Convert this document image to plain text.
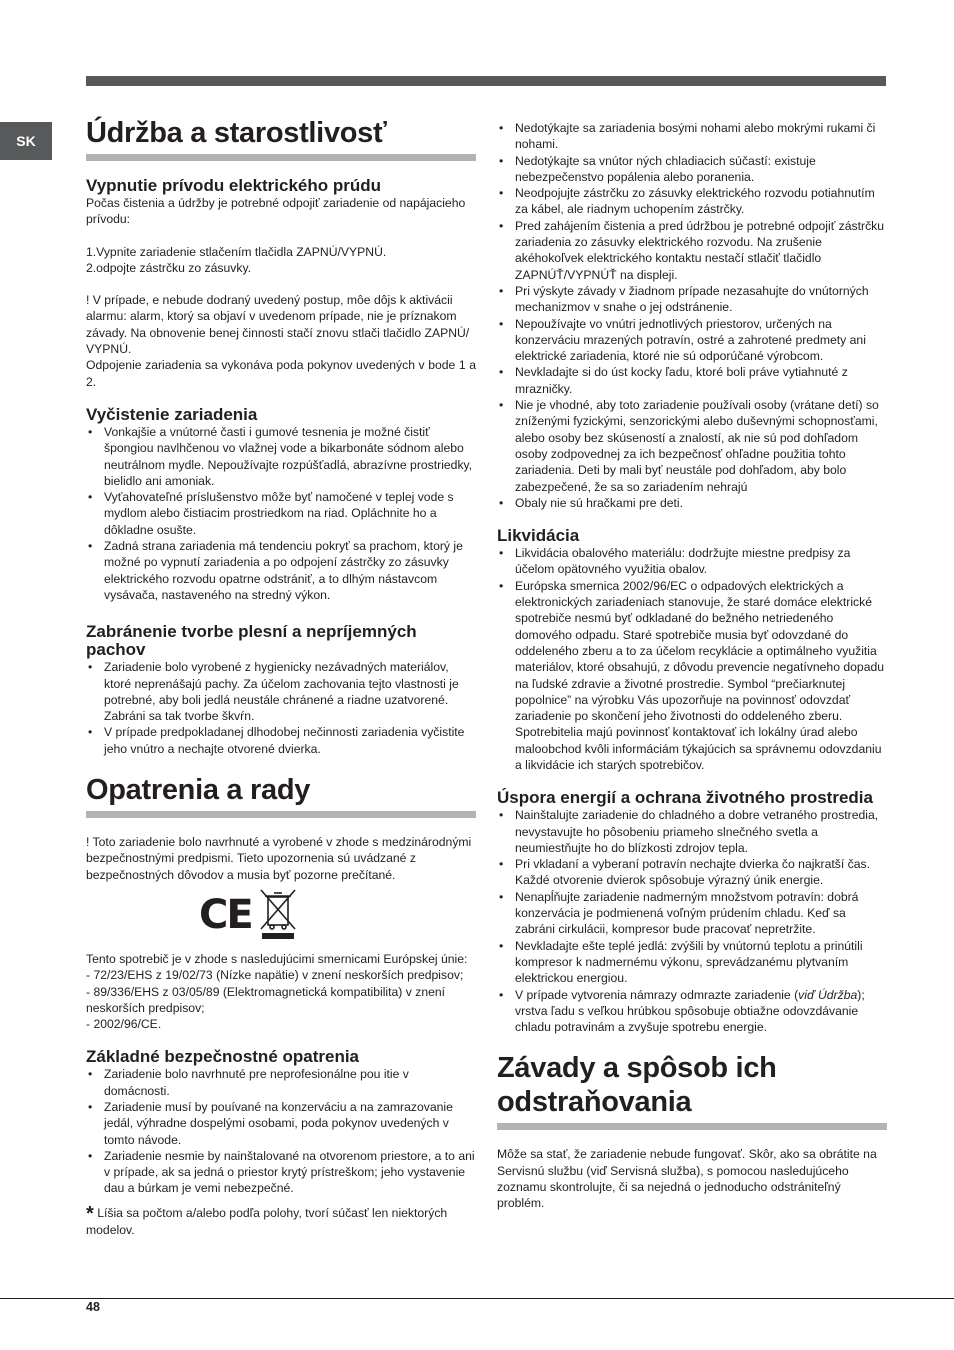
SK	Údržba a starostlivosť
Vypnutie prívodu elektrického prúdu

Počas čistenia a údržby je potrebné odpojiť zariadenie od napájacieho prívodu:

1.Vypnite zariadenie stlačením tlačidla ZAPNÚ/VYPNÚ.

2.odpojte zástrčku zo zásuvky.

! V prípade, e nebude dodraný uvedený postup, môe dôjs k aktivácii alarmu: alarm, ktorý sa objaví v uvedenom prípade, nie je príznakom závady. Na obnovenie benej činnosti stačí znovu stlači tlačidlo ZAPNÚ/ VYPNÚ.

Odpojenie zariadenia sa vykonáva poda pokynov uvedených v bode 1 a 2.

Vyčistenie zariadenia
• Vonkajšie a vnútorné časti i gumové tesnenia je možné čistiť špongiou navlhčenou vo vlažnej vode a bikarbonáte sódnom alebo neutrálnom mydle. Nepoužívajte rozpúšťadlá, abrazívne prostriedky, bielidlo ani amoniak.
• Vyťahovateľné príslušenstvo môže byť namočené v teplej vode s mydlom alebo čistiacim prostriedkom na riad. Opláchnite ho a dôkladne osušte.
• Zadná strana zariadenia má tendenciu pokryť sa prachom, ktorý je možné po vypnutí zariadenia a po odpojení zástrčky zo zásuvky elektrického rozvodu opatrne odstrániť, a to dlhým nástavcom vysávača, nastaveného na stredný výkon.
Zabránenie tvorbe plesní a nepríjemných pachov
• Zariadenie bolo vyrobené z hygienicky nezávadných materiálov, ktoré neprenášajú pachy. Za účelom zachovania tejto vlastnosti je potrebné, aby boli jedlá neustále chránené a riadne uzatvorené. Zabráni sa tak tvorbe škvŕn.
• V prípade predpokladanej dlhodobej nečinnosti zariadenia vyčistite jeho vnútro a nechajte otvorené dvierka.
Opatrenia a rady

! Toto zariadenie bolo navrhnuté a vyrobené v zhode s medzinárodnými bezpečnostnými predpismi. Tieto upozornenia sú uvádzané z bezpečnostných dôvodov a musia byť pozorne prečítané.

CE

Tento spotrebič je v zhode s nasledujúcimi smernicami Európskej únie:

- 72/23/EHS z 19/02/73 (Nízke napätie) v znení neskorších predpisov;

- 89/336/EHS z 03/05/89 (Elektromagnetická kompatibilita) v znení neskorších predpisov;

- 2002/96/CE.

Základné bezpečnostné opatrenia
• Zariadenie bolo navrhnuté pre neprofesionálne pou itie v domácnosti.
• Zariadenie musí by pouívané na konzerváciu a na zamrazovanie jedál, výhradne dospelými osobami, poda pokynov uvedených v tomto návode.
• Zariadenie nesmie by nainštalované na otvorenom priestore, a to ani v prípade, ak sa jedná o priestor krytý prístreškom; jeho vystavenie dau a búrkam je vemi nebezpečné.

* Líšia sa počtom a/alebo podľa polohy, tvorí súčasť len niektorých modelov.

• Nedotýkajte sa zariadenia bosými nohami alebo mokrými rukami či nohami.
• Nedotýkajte sa vnútor ných chladiacich súčastí: existuje nebezpečenstvo popálenia alebo poranenia.
• Neodpojujte zástrčku zo zásuvky elektrického rozvodu potiahnutím za kábel, ale riadnym uchopením zástrčky.
• Pred zahájením čistenia a pred údržbou je potrebné odpojiť zástrčku zariadenia zo zásuvky elektrického rozvodu. Na zrušenie akéhokoľvek elektrického kontaktu nestačí stlačiť tlačidlo ZAPNÚŤ/VYPNÚŤ na displeji.
• Pri výskyte závady v žiadnom prípade nezasahujte do vnútorných mechanizmov v snahe o jej odstránenie.
• Nepoužívajte vo vnútri jednotlivých priestorov, určených na konzerváciu mrazených potravín, ostré a zahrotené predmety ani elektrické zariadenia, ktoré nie sú odporúčané výrobcom.
• Nevkladajte si do úst kocky ľadu, ktoré boli práve vytiahnuté z mrazničky.
• Nie je vhodné, aby toto zariadenie používali osoby (vrátane detí) so zníženými fyzickými, senzorickými alebo duševnými schopnosťami, alebo osoby bez skúseností a znalostí, ak nie sú pod dohľadom osoby zodpovednej za ich bezpečnosť ohľadne použitia tohto zariadenia. Deti by mali byť neustále pod dohľadom, aby bolo zabezpečené, že sa so zariadením nehrajú
• Obaly nie sú hračkami pre deti.
Likvidácia
• Likvidácia obalového materiálu: dodržujte miestne predpisy za účelom opätovného využitia obalov.
• Európska smernica 2002/96/EC o odpadových elektrických a elektronických zariadeniach stanovuje, že staré domáce elektrické spotrebiče nesmú byť odkladané do bežného netriedeného domového odpadu. Staré spotrebiče musia byť odovzdané do oddeleného zberu a to za účelom recyklácie a optimálneho využitia materiálov, ktoré obsahujú, z dôvodu prevencie negatívneho dopadu na ľudské zdravie a životné prostredie. Symbol “prečiarknutej popolnice” na výrobku Vás upozorňuje na povinnosť odovzdať zariadenie po skončení jeho životnosti do oddeleného zberu.

Spotrebitelia majú povinnosť kontaktovať ich lokálny úrad alebo maloobchod kvôli informáciám týkajúcich sa správnemu odovzdaniu a likvidácie ich starých spotrebičov.

Úspora energií a ochrana životného prostredia
• Nainštalujte zariadenie do chladného a dobre vetraného prostredia, nevystavujte ho pôsobeniu priameho slnečného svetla a neumiestňujte ho do blízkosti zdrojov tepla.
• Pri vkladaní a vyberaní potravín nechajte dvierka čo najkratší čas. Každé otvorenie dvierok spôsobuje výrazný únik energie.
• Nenapĺňujte zariadenie nadmerným množstvom potravín: dobrá konzervácia je podmienená voľným prúdením chladu. Keď sa zabráni cirkulácii, kompresor bude pracovať nepretržite.
• Nevkladajte ešte teplé jedlá: zvýšili by vnútornú teplotu a prinútili kompresor k nadmernému výkonu, sprevádzanému plytvaním elektrickou energiou.
• V prípade vytvorenia námrazy odmrazte zariadenie (viď Údržba); vrstva ľadu s veľkou hrúbkou spôsobuje obtiažne odovzdávanie chladu potravinám a zvyšuje spotrebu energie.
Závady a spôsob ich odstraňovania

Môže sa stať, že zariadenie nebude fungovať. Skôr, ako sa obrátite na Servisnú službu (viď Servisná služba), s pomocou nasledujúceho zoznamu skontrolujte, či sa nejedná o jednoducho odstrániteľný problém.

48
